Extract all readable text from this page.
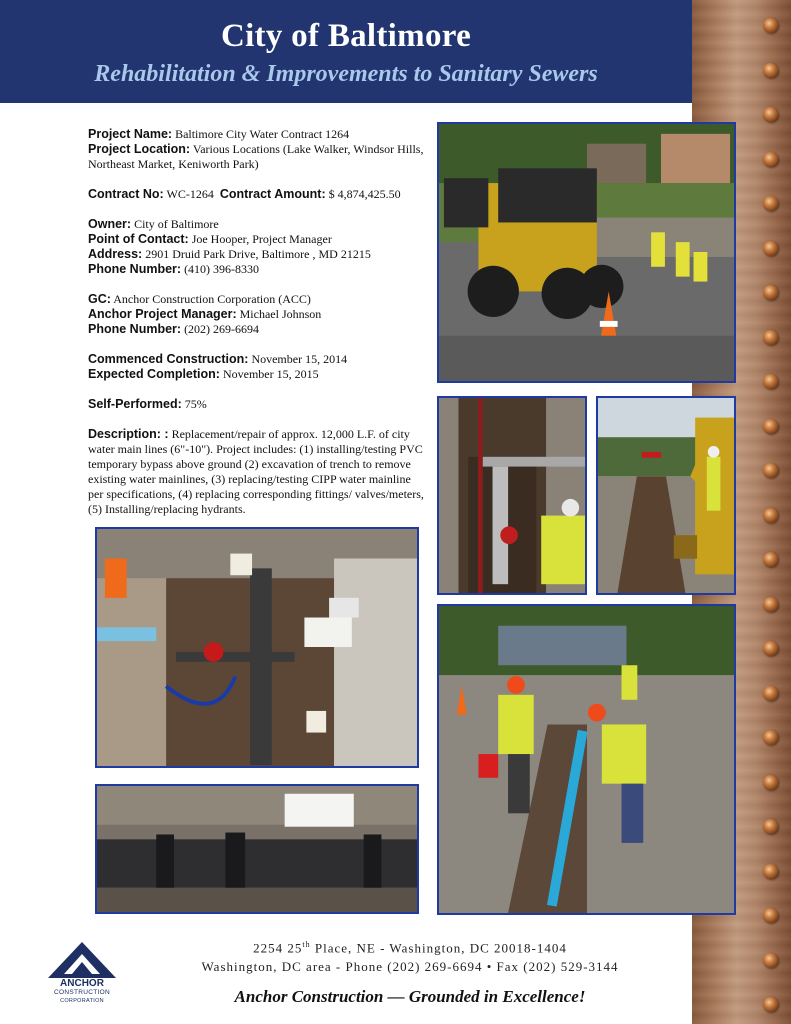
City of Baltimore
Rehabilitation & Improvements to Sanitary Sewers

Project Name: Baltimore City Water Contract 1264

Project Location: Various Locations (Lake Walker, Windsor Hills, Northeast Market, Keniworth Park)

Contract No: WC-1264 Contract Amount: $ 4,874,425.50

Owner: City of Baltimore

Point of Contact: Joe Hooper, Project Manager

Address: 2901 Druid Park Drive, Baltimore , MD 21215

Phone Number: (410) 396-8330

GC: Anchor Construction Corporation (ACC)

Anchor Project Manager: Michael Johnson

Phone Number: (202) 269-6694

Commenced Construction: November 15, 2014

Expected Completion: November 15, 2015

Self-Performed: 75%

Description: : Replacement/repair of approx. 12,000 L.F. of city water main lines (6"-10"). Project includes: (1) installing/testing PVC temporary bypass above ground (2) excavation of trench to remove existing water mainlines, (3) replacing/testing CIPP water mainline per specifications, (4) replacing corresponding fittings/ valves/meters, (5) Installing/replacing hydrants.

ANCHOR
CONSTRUCTION
CORPORATION
2254 25th Place, NE - Washington, DC 20018-1404
Washington, DC area - Phone (202) 269-6694 • Fax (202) 529-3144
Anchor Construction — Grounded in Excellence!
